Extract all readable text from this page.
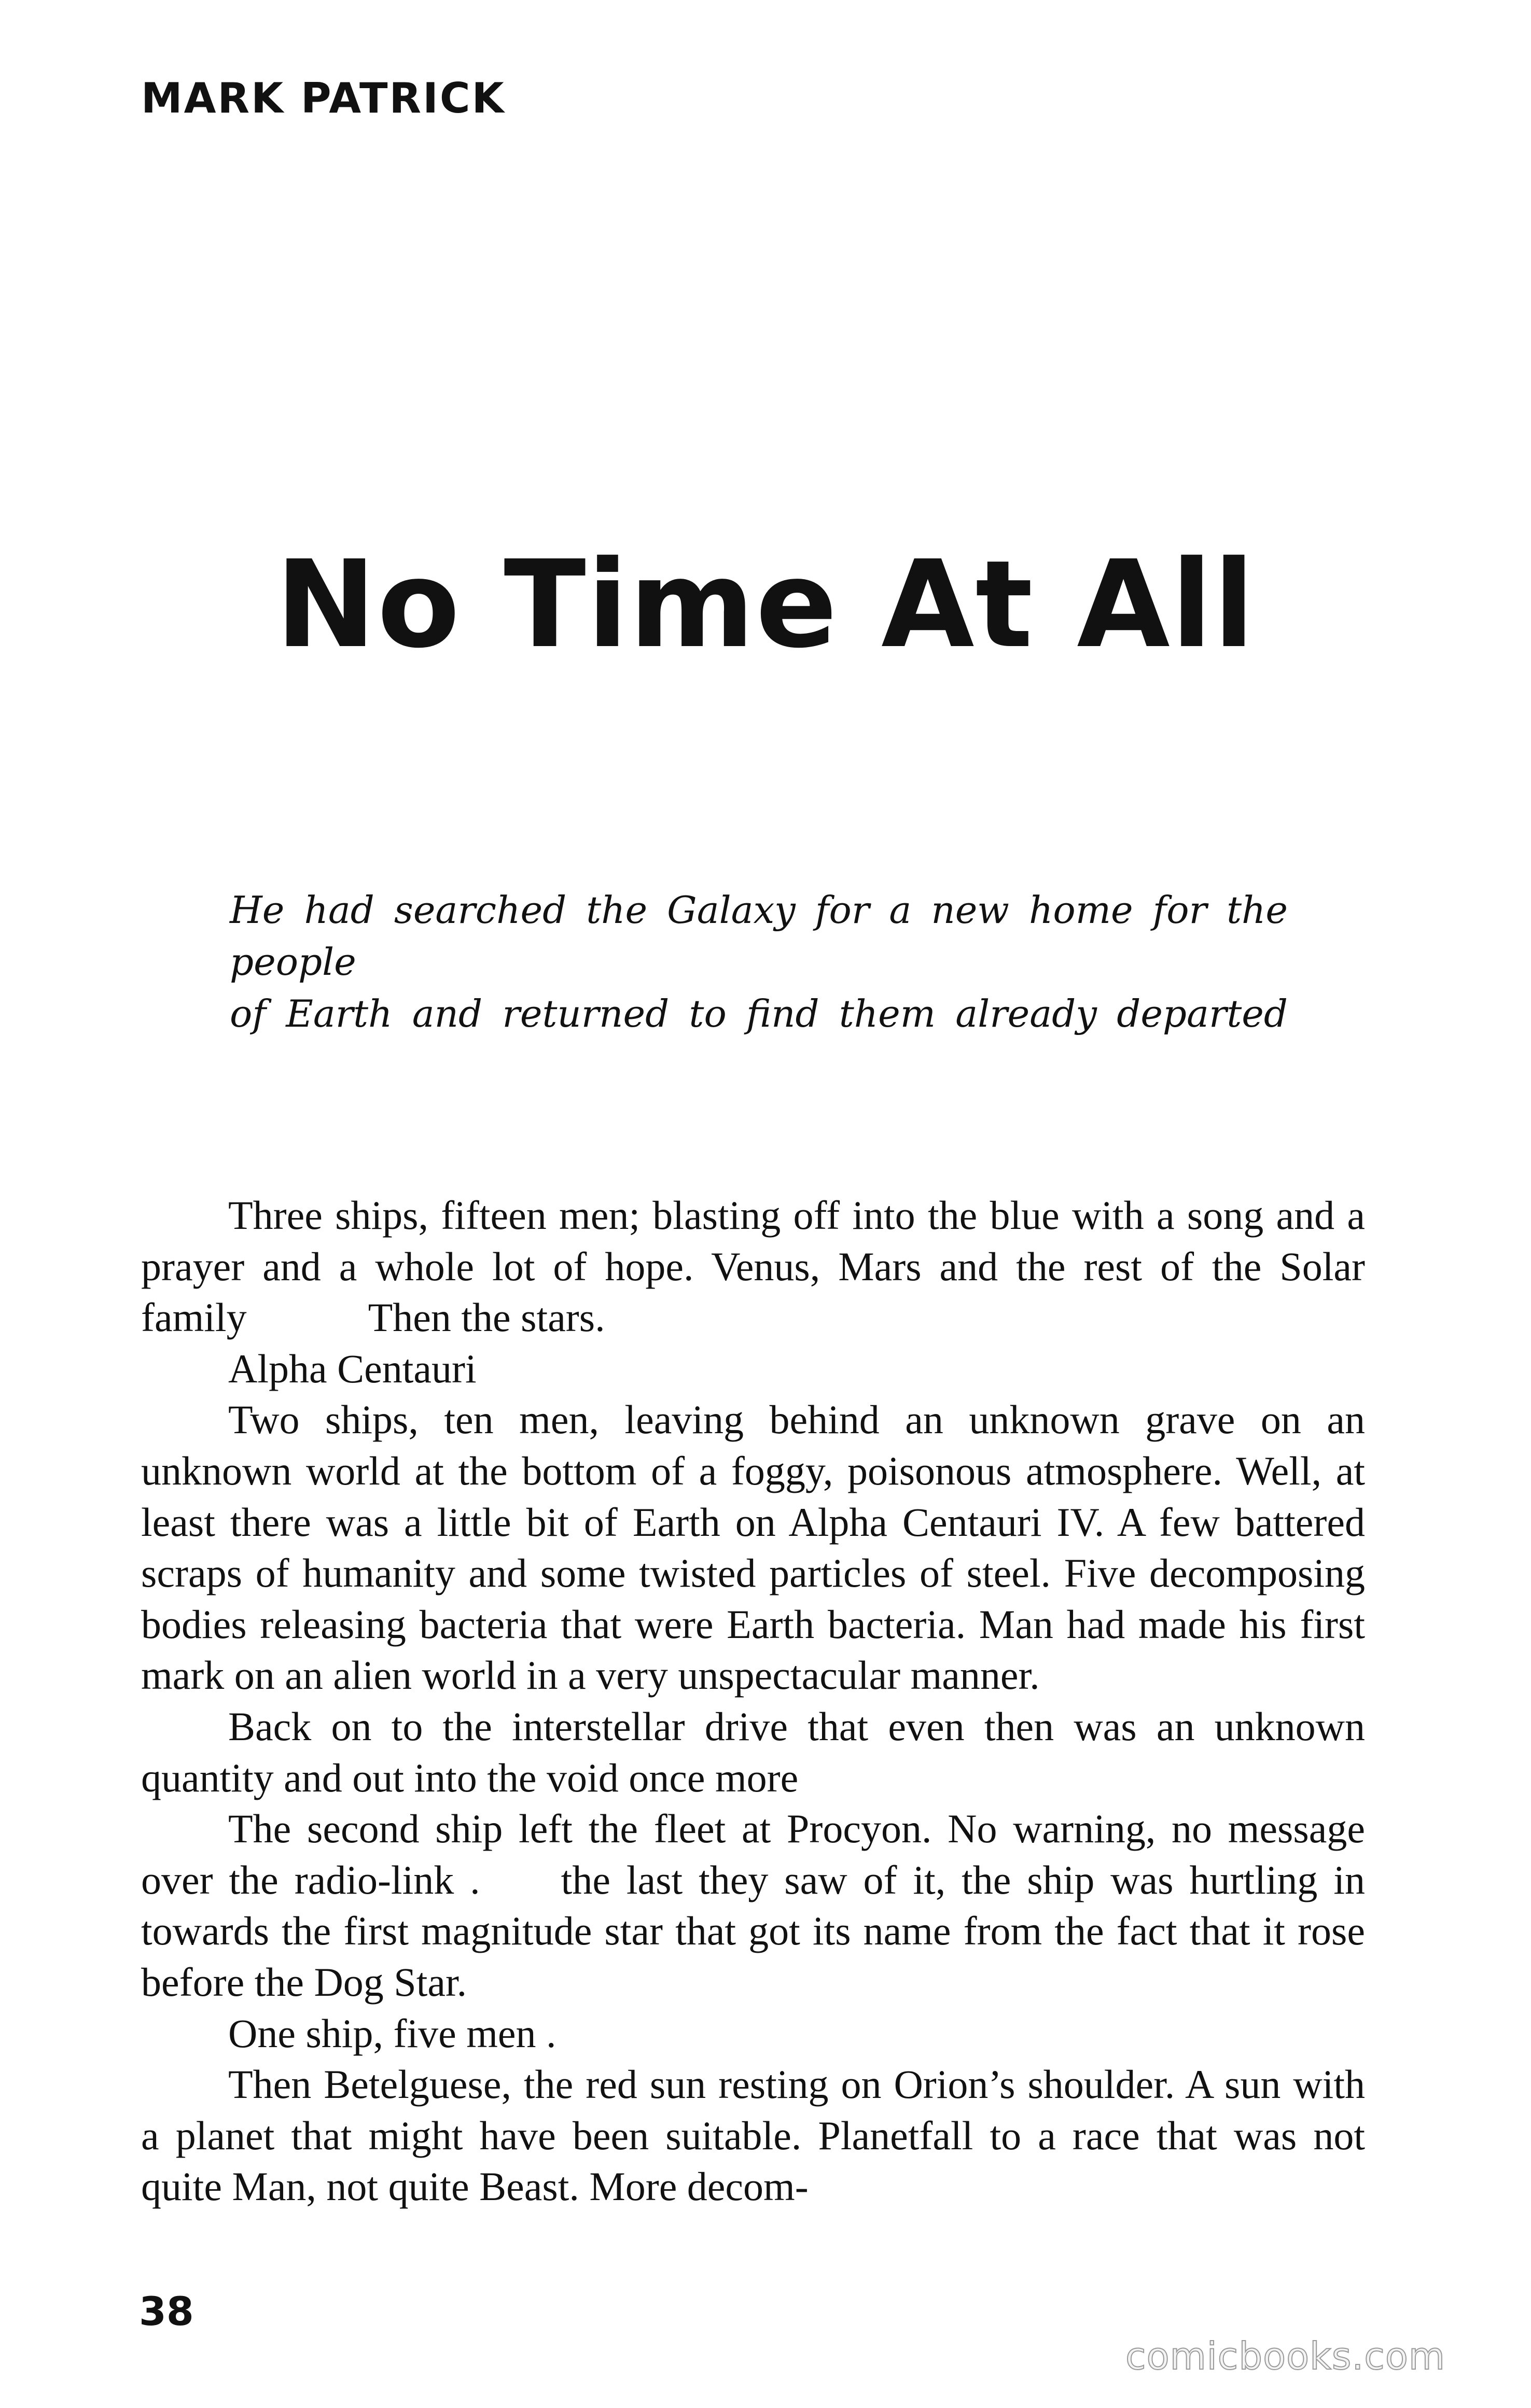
MARK PATRICK
No Time At All
He had searched the Galaxy for a new home for the people
of Earth and returned to find them already departed

Three ships, fifteen men; blasting off into the blue with a song and a prayer and a whole lot of hope. Venus, Mars and the rest of the Solar family   Then the stars.

Alpha Centauri

Two ships, ten men, leaving behind an unknown grave on an unknown world at the bottom of a foggy, poisonous atmosphere. Well, at least there was a little bit of Earth on Alpha Centauri IV. A few battered scraps of humanity and some twisted particles of steel. Five decomposing bodies releasing bacteria that were Earth bacteria. Man had made his first mark on an alien world in a very unspectacular manner.

Back on to the interstellar drive that even then was an unknown quantity and out into the void once more

The second ship left the fleet at Procyon. No warning, no message over the radio-link .  the last they saw of it, the ship was hurtling in towards the first magnitude star that got its name from the fact that it rose before the Dog Star.

One ship, five men .

Then Betelguese, the red sun resting on Orion’s shoulder. A sun with a planet that might have been suitable. Planetfall to a race that was not quite Man, not quite Beast. More decom-

38
comicbooks.com
